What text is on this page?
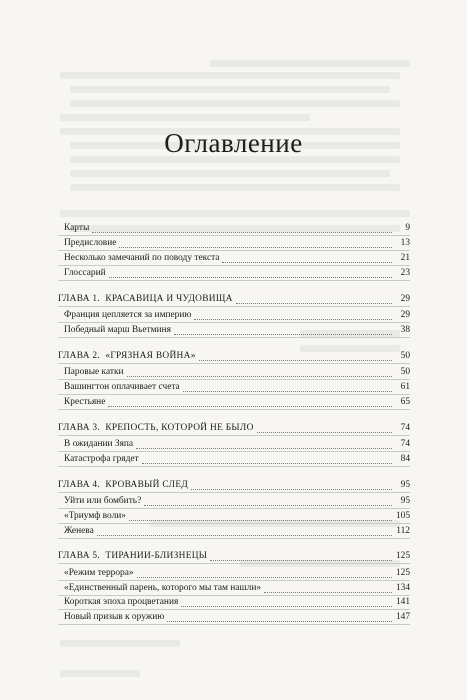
Оглавление
Карты	9
Предисловие	13
Несколько замечаний по поводу текста	21
Глоссарий	23
ГЛАВА 1.  КРАСАВИЦА И ЧУДОВИЩА	29
Франция цепляется за империю	29
Победный марш Вьетминя	38
ГЛАВА 2.  «ГРЯЗНАЯ ВОЙНА»	50
Паровые катки	50
Вашингтон оплачивает счета	61
Крестьяне	65
ГЛАВА 3.  КРЕПОСТЬ, КОТОРОЙ НЕ БЫЛО	74
В ожидании Зяпа	74
Катастрофа грядет	84
ГЛАВА 4.  КРОВАВЫЙ СЛЕД	95
Уйти или бомбить?	95
«Триумф воли»	105
Женева	112
ГЛАВА 5.  ТИРАНИИ-БЛИЗНЕЦЫ	125
«Режим террора»	125
«Единственный парень, которого мы там нашли»	134
Короткая эпоха процветания	141
Новый призыв к оружию	147
